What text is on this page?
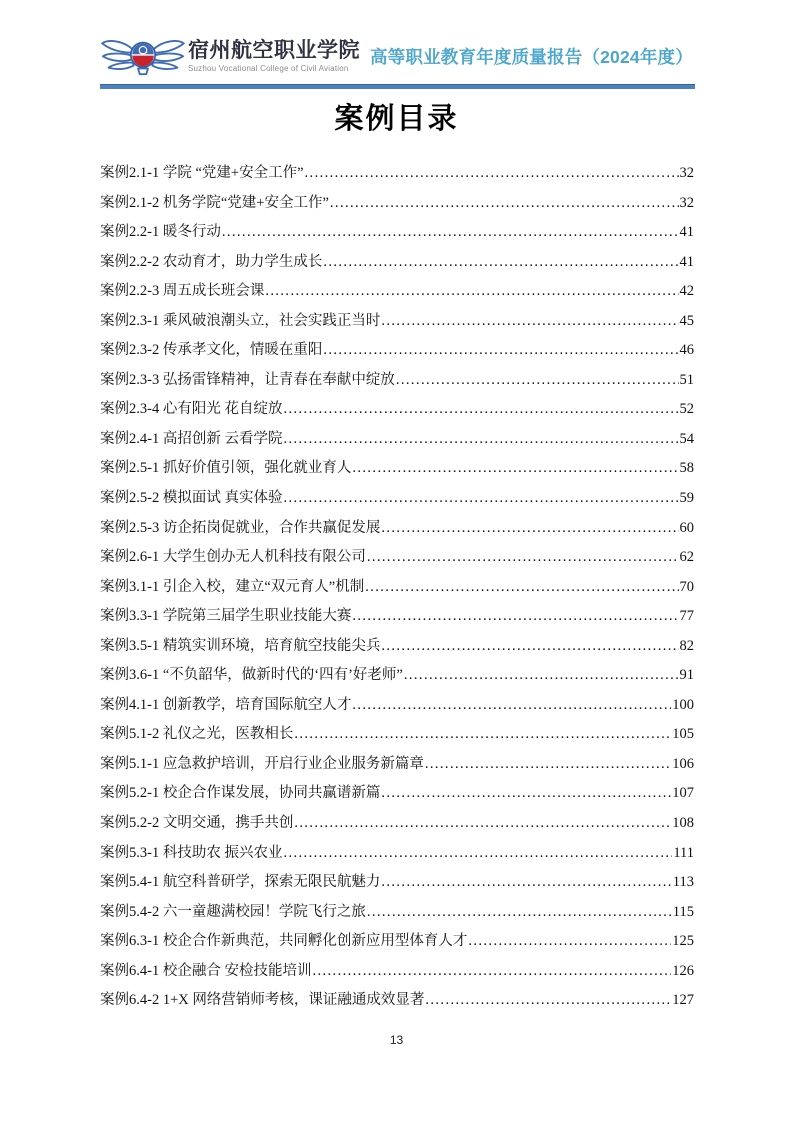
宿州航空职业学院
Suzhou Vocational College of Civil Aviation
高等职业教育年度质量报告（2024年度）
案例目录
案例2.1-1 学院 “党建+安全工作” .....	32
案例2.1-2 机务学院“党建+安全工作” .....	32
案例2.2-1 暖冬行动 .....	41
案例2.2-2 农动育才，助力学生成长 .....	41
案例2.2-3 周五成长班会课 .....	42
案例2.3-1 乘风破浪潮头立，社会实践正当时 .....	45
案例2.3-2 传承孝文化，情暖在重阳 .....	46
案例2.3-3 弘扬雷锋精神，让青春在奉献中绽放 .....	51
案例2.3-4 心有阳光 花自绽放 .....	52
案例2.4-1 高招创新 云看学院 .....	54
案例2.5-1 抓好价值引领，强化就业育人 .....	58
案例2.5-2 模拟面试 真实体验 .....	59
案例2.5-3 访企拓岗促就业，合作共赢促发展 .....	60
案例2.6-1 大学生创办无人机科技有限公司 .....	62
案例3.1-1 引企入校，建立“双元育人”机制 .....	70
案例3.3-1 学院第三届学生职业技能大赛 .....	77
案例3.5-1 精筑实训环境，培育航空技能尖兵 .....	82
案例3.6-1 “不负韶华，做新时代的‘四有’好老师” .....	91
案例4.1-1 创新教学，培育国际航空人才 .....	100
案例5.1-2 礼仪之光，医教相长 .....	105
案例5.1-1 应急救护培训，开启行业企业服务新篇章 .....	106
案例5.2-1 校企合作谋发展，协同共赢谱新篇 .....	107
案例5.2-2 文明交通，携手共创 .....	108
案例5.3-1 科技助农 振兴农业 .....	111
案例5.4-1 航空科普研学，探索无限民航魅力 .....	113
案例5.4-2 六一童趣满校园！学院飞行之旅 .....	115
案例6.3-1 校企合作新典范，共同孵化创新应用型体育人才 .....	125
案例6.4-1 校企融合 安检技能培训 .....	126
案例6.4-2 1+X 网络营销师考核，课证融通成效显著 .....	127
13
